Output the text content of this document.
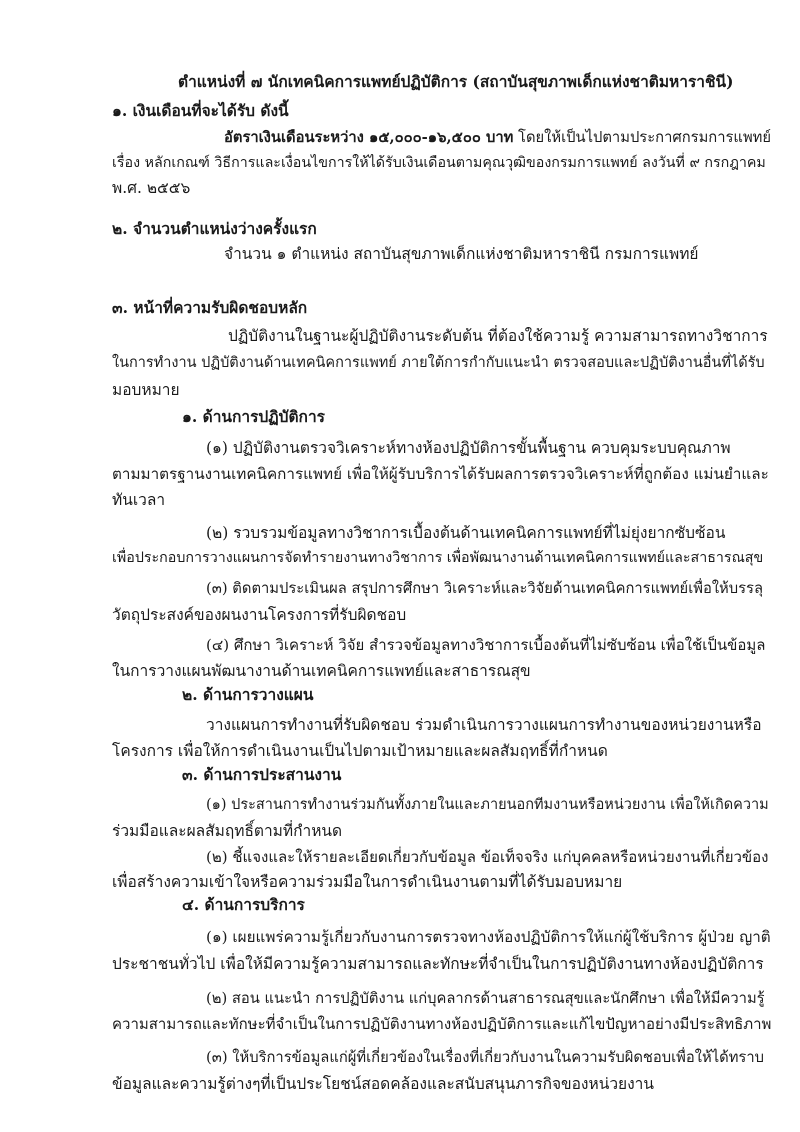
ตำแหน่งที่ ๗ นักเทคนิคการแพทย์ปฏิบัติการ (สถาบันสุขภาพเด็กแห่งชาติมหาราชินี)

๑. เงินเดือนที่จะได้รับ ดังนี้

อัตราเงินเดือนระหว่าง ๑๕,๐๐๐-๑๖,๕๐๐ บาท โดยให้เป็นไปตามประกาศกรมการแพทย์

เรื่อง หลักเกณฑ์ วิธีการและเงื่อนไขการให้ได้รับเงินเดือนตามคุณวุฒิของกรมการแพทย์ ลงวันที่ ๙ กรกฎาคม

พ.ศ. ๒๕๕๖

๒. จำนวนตำแหน่งว่างครั้งแรก

จำนวน ๑ ตำแหน่ง สถาบันสุขภาพเด็กแห่งชาติมหาราชินี กรมการแพทย์

๓. หน้าที่ความรับผิดชอบหลัก

ปฏิบัติงานในฐานะผู้ปฏิบัติงานระดับต้น ที่ต้องใช้ความรู้ ความสามารถทางวิชาการ

ในการทำงาน ปฏิบัติงานด้านเทคนิคการแพทย์ ภายใต้การกำกับแนะนำ ตรวจสอบและปฏิบัติงานอื่นที่ได้รับ

มอบหมาย

๑. ด้านการปฏิบัติการ

(๑) ปฏิบัติงานตรวจวิเคราะห์ทางห้องปฏิบัติการขั้นพื้นฐาน ควบคุมระบบคุณภาพ

ตามมาตรฐานงานเทคนิคการแพทย์ เพื่อให้ผู้รับบริการได้รับผลการตรวจวิเคราะห์ที่ถูกต้อง แม่นยำและ

ทันเวลา

(๒) รวบรวมข้อมูลทางวิชาการเบื้องต้นด้านเทคนิคการแพทย์ที่ไม่ยุ่งยากซับซ้อน

เพื่อประกอบการวางแผนการจัดทำรายงานทางวิชาการ เพื่อพัฒนางานด้านเทคนิคการแพทย์และสาธารณสุข

(๓) ติดตามประเมินผล สรุปการศึกษา วิเคราะห์และวิจัยด้านเทคนิคการแพทย์เพื่อให้บรรลุ

วัตถุประสงค์ของผนงานโครงการที่รับผิดชอบ

(๔) ศึกษา วิเคราะห์ วิจัย สำรวจข้อมูลทางวิชาการเบื้องต้นที่ไม่ซับซ้อน เพื่อใช้เป็นข้อมูล

ในการวางแผนพัฒนางานด้านเทคนิคการแพทย์และสาธารณสุข

๒. ด้านการวางแผน

วางแผนการทำงานที่รับผิดชอบ ร่วมดำเนินการวางแผนการทำงานของหน่วยงานหรือ

โครงการ เพื่อให้การดำเนินงานเป็นไปตามเป้าหมายและผลสัมฤทธิ์ที่กำหนด

๓. ด้านการประสานงาน

(๑) ประสานการทำงานร่วมกันทั้งภายในและภายนอกทีมงานหรือหน่วยงาน เพื่อให้เกิดความ

ร่วมมือและผลสัมฤทธิ์ตามที่กำหนด

(๒) ชี้แจงและให้รายละเอียดเกี่ยวกับข้อมูล ข้อเท็จจริง แก่บุคคลหรือหน่วยงานที่เกี่ยวข้อง

เพื่อสร้างความเข้าใจหรือความร่วมมือในการดำเนินงานตามที่ได้รับมอบหมาย

๔. ด้านการบริการ

(๑) เผยแพร่ความรู้เกี่ยวกับงานการตรวจทางห้องปฏิบัติการให้แก่ผู้ใช้บริการ ผู้ป่วย ญาติ

ประชาชนทั่วไป เพื่อให้มีความรู้ความสามารถและทักษะที่จำเป็นในการปฏิบัติงานทางห้องปฏิบัติการ

(๒) สอน แนะนำ การปฏิบัติงาน แก่บุคลากรด้านสาธารณสุขและนักศึกษา เพื่อให้มีความรู้

ความสามารถและทักษะที่จำเป็นในการปฏิบัติงานทางห้องปฏิบัติการและแก้ไขปัญหาอย่างมีประสิทธิภาพ

(๓) ให้บริการข้อมูลแก่ผู้ที่เกี่ยวข้องในเรื่องที่เกี่ยวกับงานในความรับผิดชอบเพื่อให้ได้ทราบ

ข้อมูลและความรู้ต่างๆที่เป็นประโยชน์สอดคล้องและสนับสนุนภารกิจของหน่วยงาน
